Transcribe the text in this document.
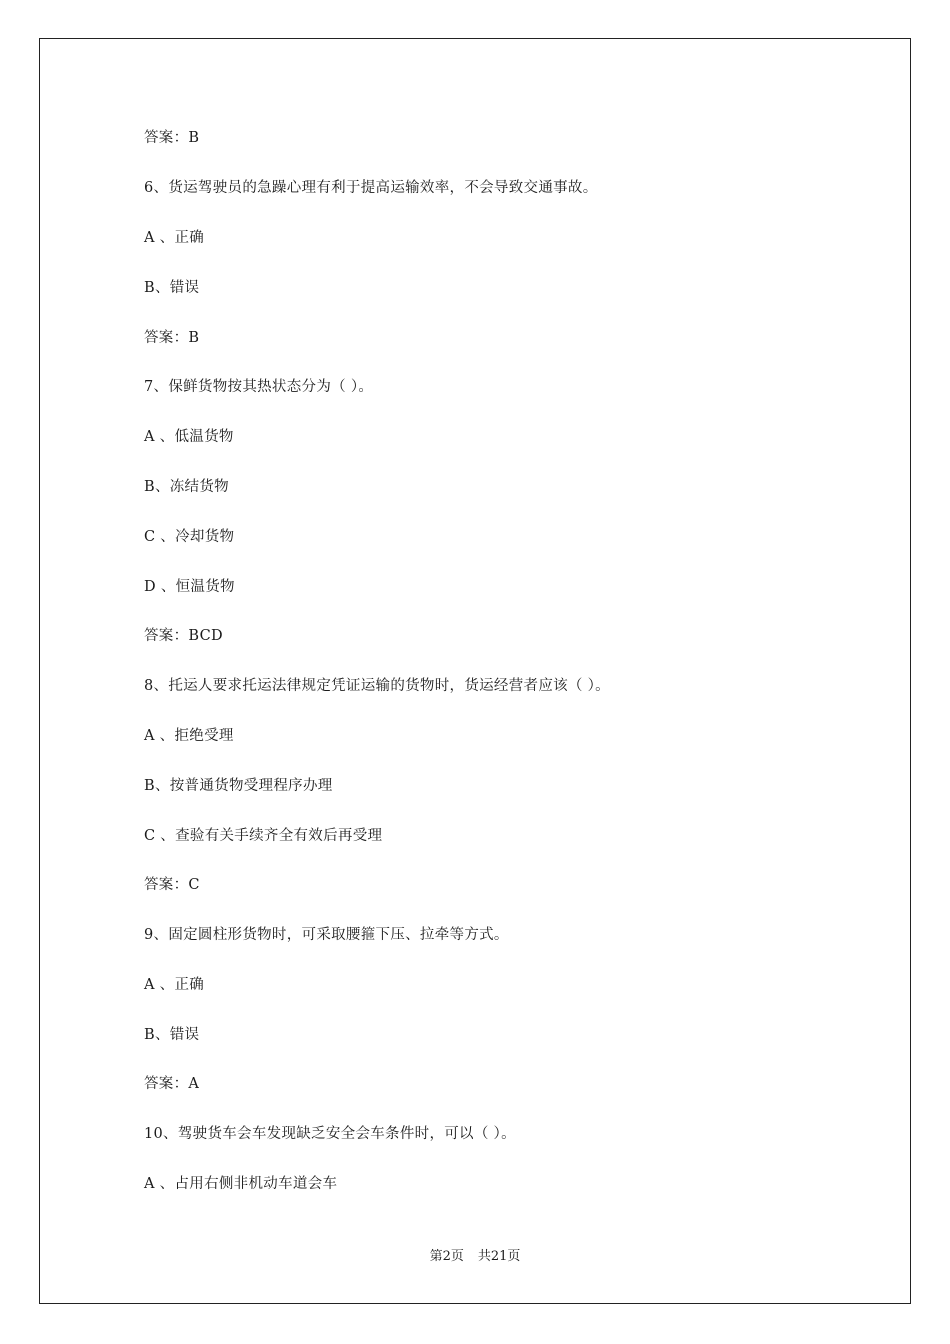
答案：B
6、货运驾驶员的急躁心理有利于提高运输效率，不会导致交通事故。
A 、正确
B、错误
答案：B
7、保鲜货物按其热状态分为（ ）。
A 、低温货物
B、冻结货物
C 、冷却货物
D 、恒温货物
答案：BCD
8、托运人要求托运法律规定凭证运输的货物时，货运经营者应该（ ）。
A 、拒绝受理
B、按普通货物受理程序办理
C 、查验有关手续齐全有效后再受理
答案：C
9、固定圆柱形货物时，可采取腰箍下压、拉牵等方式。
A 、正确
B、错误
答案：A
10、驾驶货车会车发现缺乏安全会车条件时，可以（ ）。
A 、占用右侧非机动车道会车
第2页 共21页
